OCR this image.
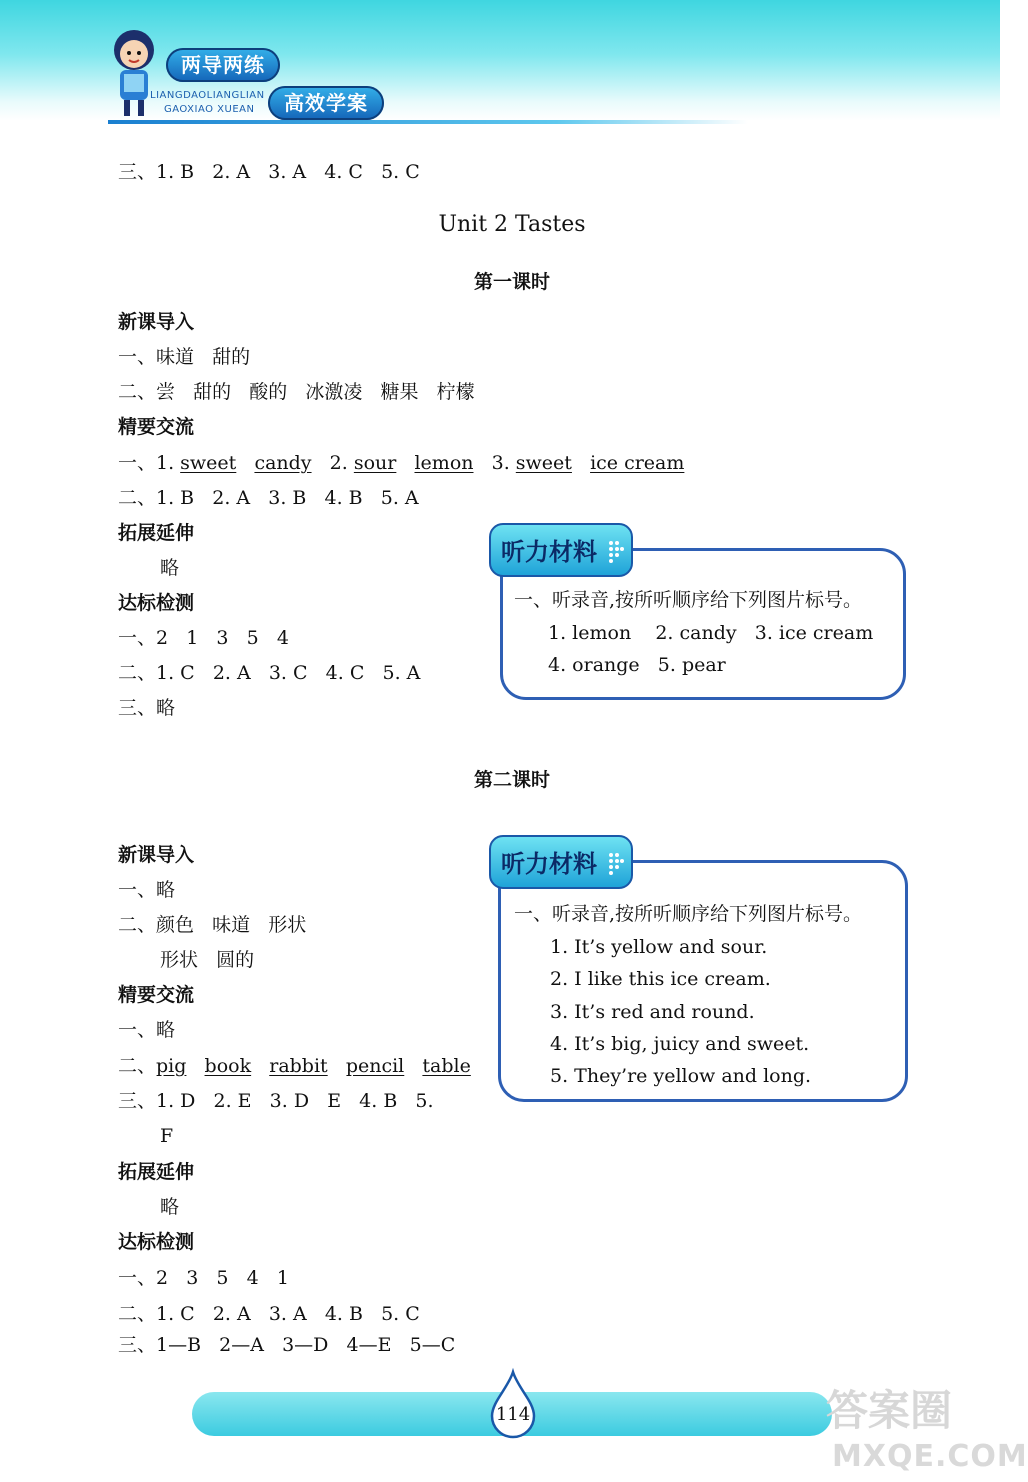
两导两练
高效学案
LIANGDAOLIANGLIAN
GAOXIAO XUEAN
三、1. B   2. A   3. A   4. C   5. C
Unit 2 Tastes
第一课时
新课导入
一、味道   甜的
二、尝   甜的   酸的   冰激凌   糖果   柠檬
精要交流
一、1. sweet candy 2. sour lemon 3. sweet ice cream
二、1. B   2. A   3. B   4. B   5. A
拓展延伸
略
达标检测
一、2   1   3   5   4
二、1. C   2. A   3. C   4. C   5. A
三、略
听力材料
一、听录音,按所听顺序给下列图片标号。
1. lemon    2. candy   3. ice cream
4. orange   5. pear
第二课时
新课导入
一、略
二、颜色   味道   形状
形状   圆的
精要交流
一、略
二、pig book rabbit pencil table
三、1. D   2. E   3. D   E   4. B   5.
F
拓展延伸
略
达标检测
一、2   3   5   4   1
二、1. C   2. A   3. A   4. B   5. C
三、1—B   2—A   3—D   4—E   5—C
听力材料
一、听录音,按所听顺序给下列图片标号。
1. It’s yellow and sour.
2. I like this ice cream.
3. It’s red and round.
4. It’s big, juicy and sweet.
5. They’re yellow and long.
114	答案圈
MXQE.COM
